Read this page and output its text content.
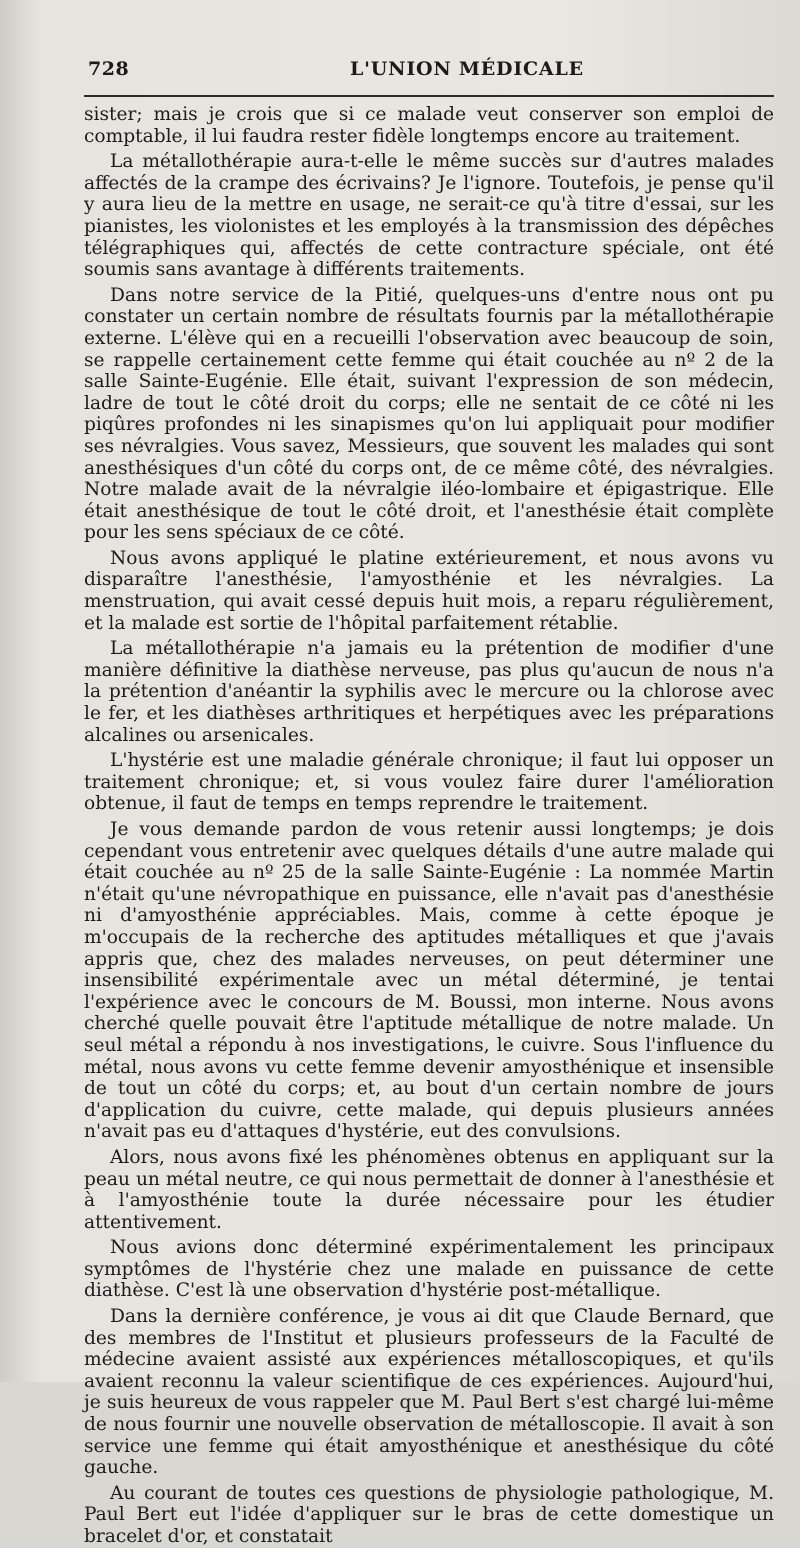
728	L'UNION MÉDICALE

sister; mais je crois que si ce malade veut conserver son emploi de comptable, il lui faudra rester fidèle longtemps encore au traitement.

La métallothérapie aura-t-elle le même succès sur d'autres malades affectés de la crampe des écrivains? Je l'ignore. Toutefois, je pense qu'il y aura lieu de la mettre en usage, ne serait-ce qu'à titre d'essai, sur les pianistes, les violonistes et les employés à la transmission des dépêches télégraphiques qui, affectés de cette contracture spéciale, ont été soumis sans avantage à différents traitements.

Dans notre service de la Pitié, quelques-uns d'entre nous ont pu constater un certain nombre de résultats fournis par la métallothérapie externe. L'élève qui en a recueilli l'observation avec beaucoup de soin, se rappelle certainement cette femme qui était couchée au nº 2 de la salle Sainte-Eugénie. Elle était, suivant l'expression de son médecin, ladre de tout le côté droit du corps; elle ne sentait de ce côté ni les piqûres profondes ni les sinapismes qu'on lui appliquait pour modifier ses névralgies. Vous savez, Messieurs, que souvent les malades qui sont anesthésiques d'un côté du corps ont, de ce même côté, des névralgies. Notre malade avait de la névralgie iléo-lombaire et épigastrique. Elle était anesthésique de tout le côté droit, et l'anesthésie était complète pour les sens spéciaux de ce côté.

Nous avons appliqué le platine extérieurement, et nous avons vu disparaître l'anesthésie, l'amyosthénie et les névralgies. La menstruation, qui avait cessé depuis huit mois, a reparu régulièrement, et la malade est sortie de l'hôpital parfaitement rétablie.

La métallothérapie n'a jamais eu la prétention de modifier d'une manière définitive la diathèse nerveuse, pas plus qu'aucun de nous n'a la prétention d'anéantir la syphilis avec le mercure ou la chlorose avec le fer, et les diathèses arthritiques et herpétiques avec les préparations alcalines ou arsenicales.

L'hystérie est une maladie générale chronique; il faut lui opposer un traitement chronique; et, si vous voulez faire durer l'amélioration obtenue, il faut de temps en temps reprendre le traitement.

Je vous demande pardon de vous retenir aussi longtemps; je dois cependant vous entretenir avec quelques détails d'une autre malade qui était couchée au nº 25 de la salle Sainte-Eugénie : La nommée Martin n'était qu'une névropathique en puissance, elle n'avait pas d'anesthésie ni d'amyosthénie appréciables. Mais, comme à cette époque je m'occupais de la recherche des aptitudes métalliques et que j'avais appris que, chez des malades nerveuses, on peut déterminer une insensibilité expérimentale avec un métal déterminé, je tentai l'expérience avec le concours de M. Boussi, mon interne. Nous avons cherché quelle pouvait être l'aptitude métallique de notre malade. Un seul métal a répondu à nos investigations, le cuivre. Sous l'influence du métal, nous avons vu cette femme devenir amyosthénique et insensible de tout un côté du corps; et, au bout d'un certain nombre de jours d'application du cuivre, cette malade, qui depuis plusieurs années n'avait pas eu d'attaques d'hystérie, eut des convulsions.

Alors, nous avons fixé les phénomènes obtenus en appliquant sur la peau un métal neutre, ce qui nous permettait de donner à l'anesthésie et à l'amyosthénie toute la durée nécessaire pour les étudier attentivement.

Nous avions donc déterminé expérimentalement les principaux symptômes de l'hystérie chez une malade en puissance de cette diathèse. C'est là une observation d'hystérie post-métallique.

Dans la dernière conférence, je vous ai dit que Claude Bernard, que des membres de l'Institut et plusieurs professeurs de la Faculté de médecine avaient assisté aux expériences métalloscopiques, et qu'ils avaient reconnu la valeur scientifique de ces expériences. Aujourd'hui, je suis heureux de vous rappeler que M. Paul Bert s'est chargé lui-même de nous fournir une nouvelle observation de métalloscopie. Il avait à son service une femme qui était amyosthénique et anesthésique du côté gauche.

Au courant de toutes ces questions de physiologie pathologique, M. Paul Bert eut l'idée d'appliquer sur le bras de cette domestique un bracelet d'or, et constatait
